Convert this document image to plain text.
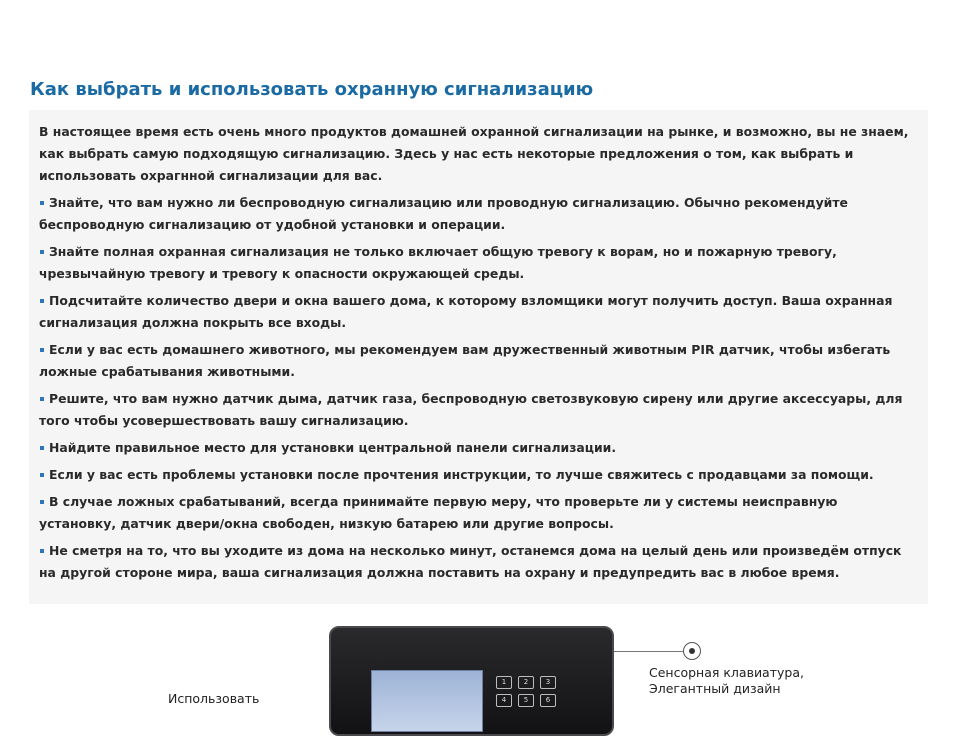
Как выбрать и использовать охранную сигнализацию

В настоящее время есть очень много продуктов домашней охранной сигнализации на рынке, и возможно, вы не знаем, как выбрать самую подходящую сигнализацию. Здесь у нас есть некоторые предложения о том, как выбрать и использовать охрагнной сигнализации для вас.

Знайте, что вам нужно ли беспроводную сигнализацию или проводную сигнализацию. Обычно рекомендуйте беспроводную сигнализацию от удобной установки и операции.
Знайте полная охранная сигнализация не только включает общую тревогу к ворам, но и пожарную тревогу, чрезвычайную тревогу и тревогу к опасности окружающей среды.
Подсчитайте количество двери и окна вашего дома, к которому взломщики могут получить доступ. Ваша охранная сигнализация должна покрыть все входы.
Если у вас есть домашнего животного, мы рекомендуем вам дружественный животным PIR датчик, чтобы избегать ложные срабатывания животными.
Решите, что вам нужно датчик дыма, датчик газа, беспроводную светозвуковую сирену или другие аксессуары, для того чтобы усовершествовать вашу сигнализацию.
Найдите правильное место для установки центральной панели сигнализации.
Если у вас есть проблемы установки после прочтения инструкции, то лучше свяжитесь с продавцами за помощи.
В случае ложных срабатываний, всегда принимайте первую меру, что проверьте ли у системы неисправную установку, датчик двери/окна свободен, низкую батарею или другие вопросы.
Не сметря на то, что вы уходите из дома на несколько минут, останемся дома на целый день или произведём отпуск на другой стороне мира, ваша сигнализация должна поставить на охрану и предупредить вас в любое время.
1	2	3
4	5	6

Сенсорная клавиатура,
Элегантный дизайн

Использовать
